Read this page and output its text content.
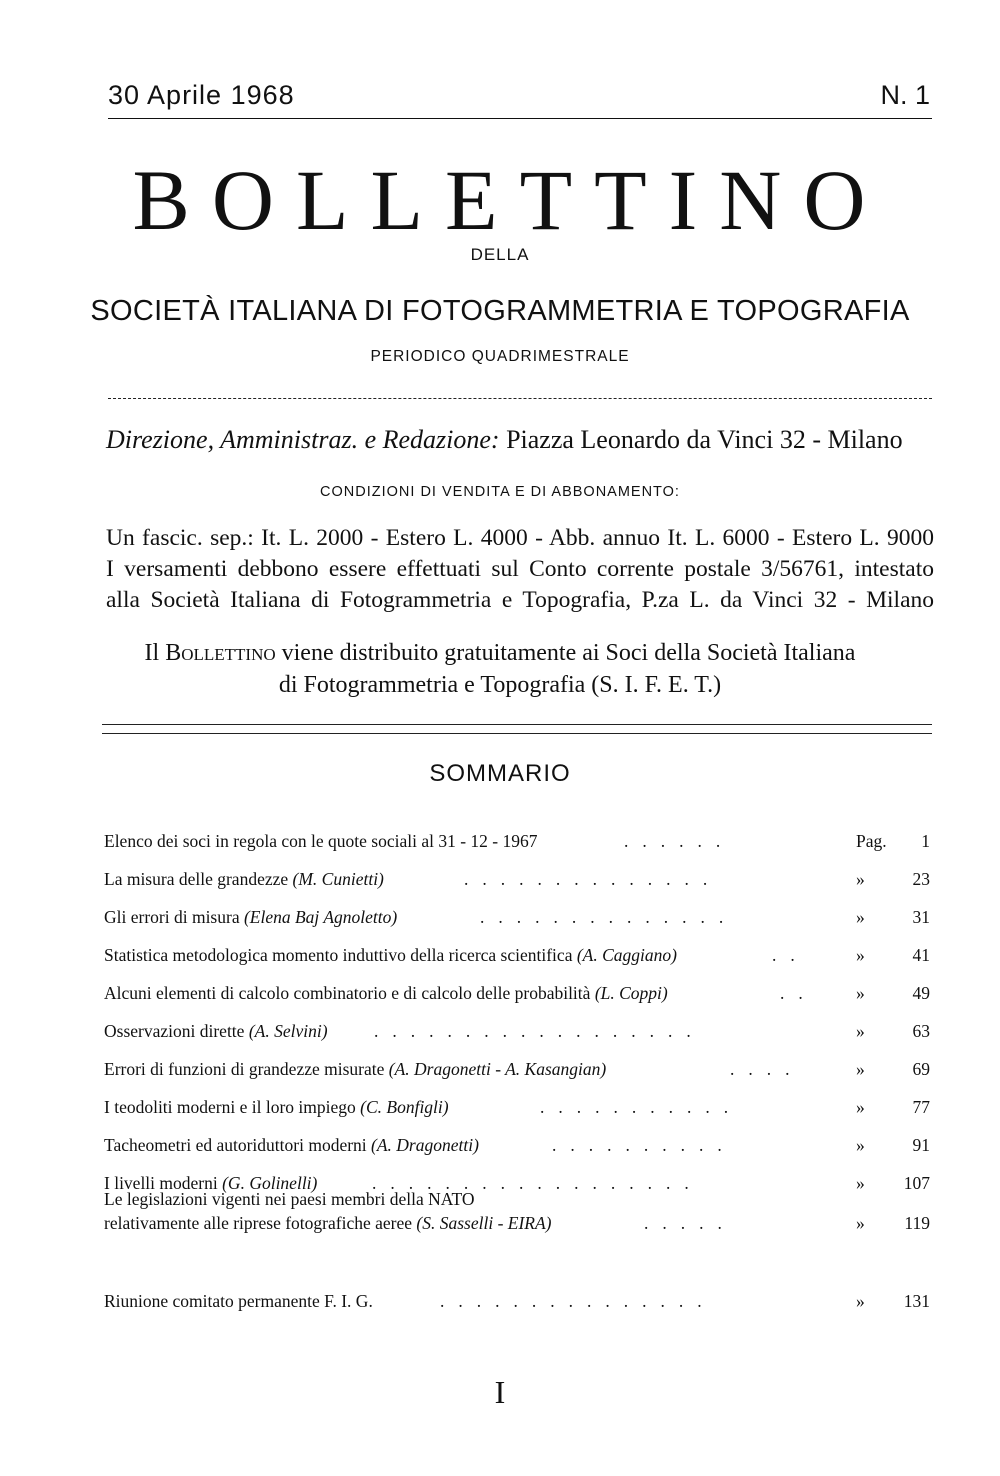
30 Aprile 1968	N. 1
BOLLETTINO
DELLA
SOCIETÀ ITALIANA DI FOTOGRAMMETRIA E TOPOGRAFIA
PERIODICO QUADRIMESTRALE
Direzione, Amministraz. e Redazione: Piazza Leonardo da Vinci 32 - Milano
CONDIZIONI DI VENDITA E DI ABBONAMENTO:
Un fascic. sep.: It. L. 2000 - Estero L. 4000 - Abb. annuo It. L. 6000 - Estero L. 9000
I versamenti debbono essere effettuati sul Conto corrente postale 3/56761, intestato
alla Società Italiana di Fotogrammetria e Topografia, P.za L. da Vinci 32 - Milano
Il Bollettino viene distribuito gratuitamente ai Soci della Società Italiana
di Fotogrammetria e Topografia (S. I. F. E. T.)
SOMMARIO
Elenco dei soci in regola con le quote sociali al 31 - 12 - 1967	......	Pag. 1
La misura delle grandezze (M. Cunietti)	..............	»	23
Gli errori di misura (Elena Baj Agnoletto)	..............	»	31
Statistica metodologica momento induttivo della ricerca scientifica (A. Caggiano)	..	»	41
Alcuni elementi di calcolo combinatorio e di calcolo delle probabilità (L. Coppi)	.. »	49
Osservazioni dirette (A. Selvini)	..................	»	63
Errori di funzioni di grandezze misurate (A. Dragonetti - A. Kasangian)	....	»	69
I teodoliti moderni e il loro impiego (C. Bonfigli)	...........	»	77
Tacheometri ed autoriduttori moderni (A. Dragonetti)	..........	»	91
I livelli moderni (G. Golinelli)	..................	» 107
Le legislazioni vigenti nei paesi membri della NATO
relativamente alle riprese fotografiche aeree (S. Sasselli - EIRA)	.....	» 119
Riunione comitato permanente F. I. G.	...............	» 131
I
